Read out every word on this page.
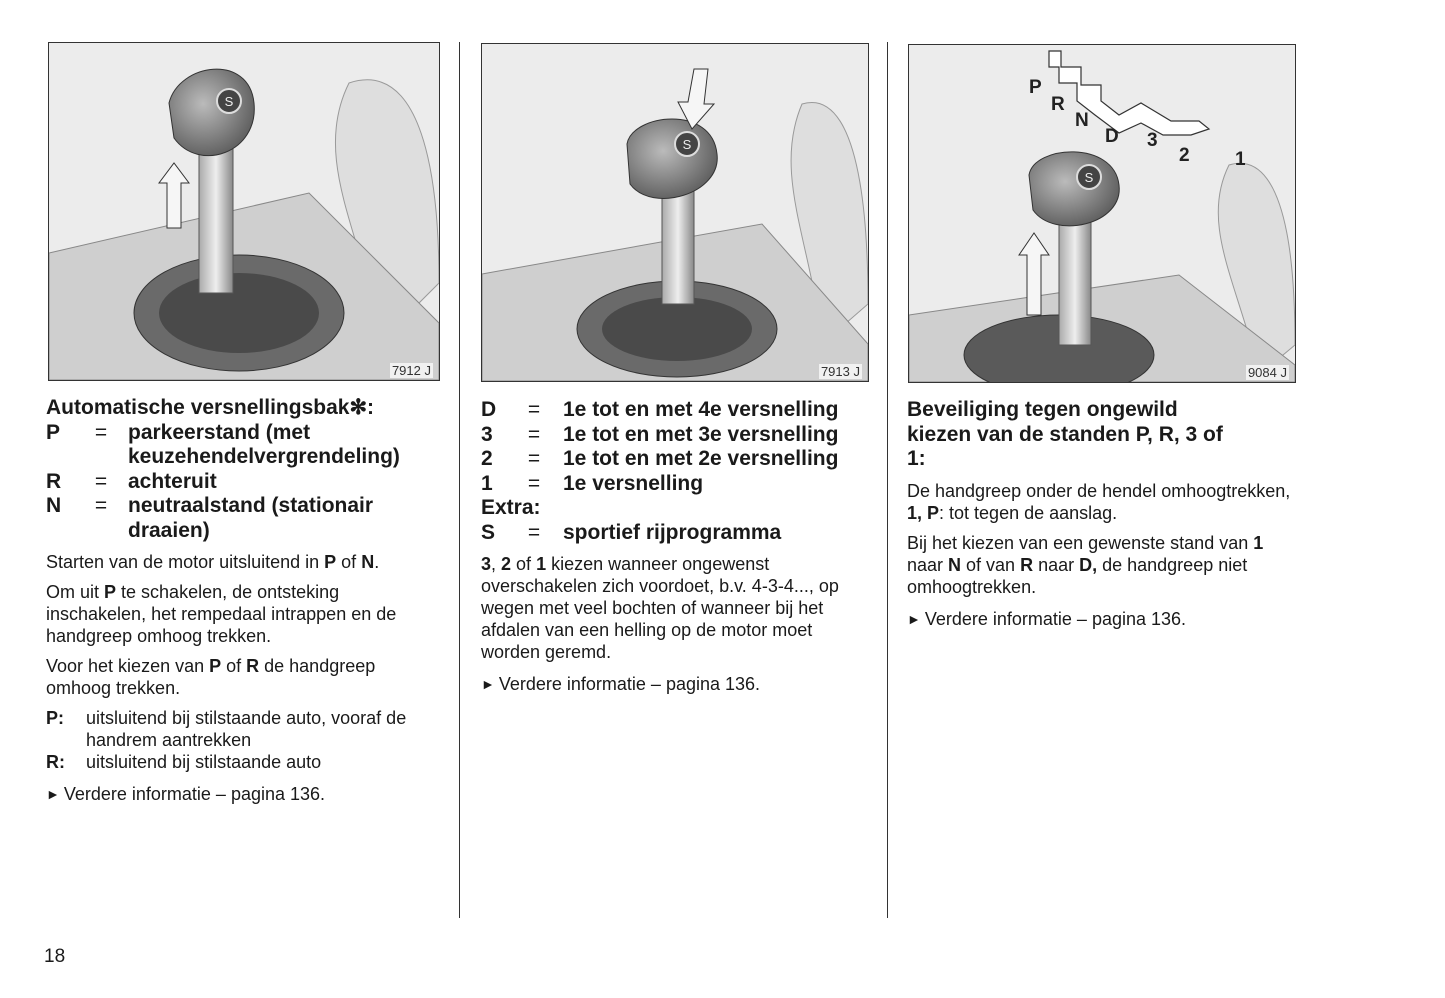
S
7912 J
S
7913 J
S
P
R
N
D 3
2 1
9084 J
Automatische versnellingsbak✻:
P	= parkeerstand (met keuzehendelvergrendeling)
R	= achteruit
N	= neutraalstand (stationair draaien)
Starten van de motor uitsluitend in P of N.
Om uit P te schakelen, de ontsteking inschakelen, het rempedaal intrappen en de handgreep omhoog trekken.
Voor het kiezen van P of R de handgreep omhoog trekken.
P:	uitsluitend bij stilstaande auto, vooraf de handrem aantrekken
R:	uitsluitend bij stilstaande auto
► Verdere informatie – pagina 136.
D	=	1e tot en met 4e versnelling
3	=	1e tot en met 3e versnelling
2	=	1e tot en met 2e versnelling
1	=	1e versnelling
Extra:
S	=	sportief rijprogramma
3, 2 of 1 kiezen wanneer ongewenst overschakelen zich voordoet, b.v. 4-3-4..., op wegen met veel bochten of wanneer bij het afdalen van een helling op de motor moet worden geremd.
► Verdere informatie – pagina 136.
Beveiliging tegen ongewild kiezen van de standen P, R, 3 of 1:
De handgreep onder de hendel omhoogtrekken,
1, P: tot tegen de aanslag.
Bij het kiezen van een gewenste stand van 1 naar N of van R naar D, de handgreep niet omhoogtrekken.
► Verdere informatie – pagina 136.
18
